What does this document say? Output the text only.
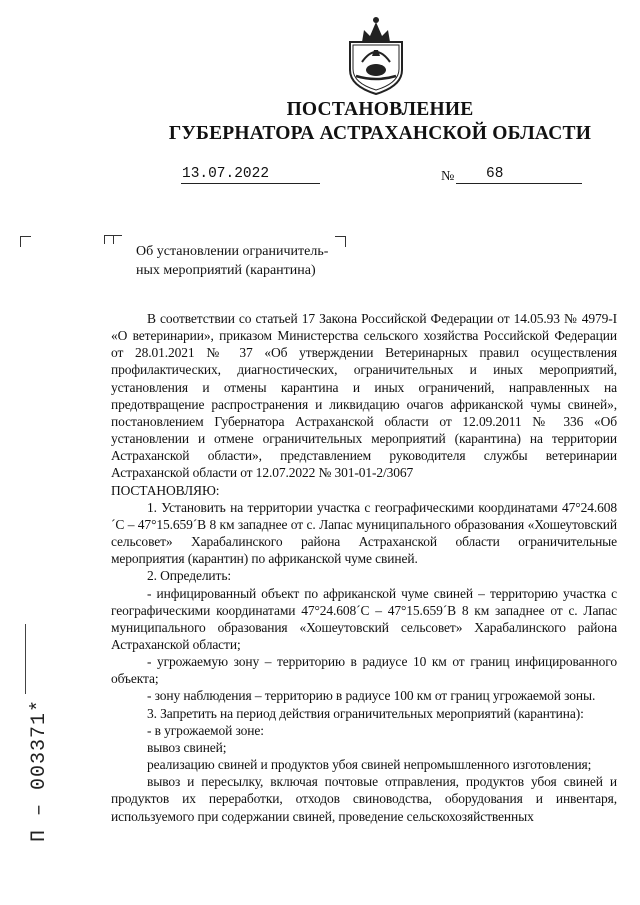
ПОСТАНОВЛЕНИЕ
ГУБЕРНАТОРА АСТРАХАНСКОЙ ОБЛАСТИ
13.07.2022	№	68
Об установлении ограничитель-
ных мероприятий (карантина)
В соответствии со статьей 17 Закона Российской Федерации от 14.05.93 № 4979-I «О ветеринарии», приказом Министерства сельского хозяйства Российской Федерации от 28.01.2021 № 37 «Об утверждении Ветеринарных правил осуществления профилактических, диагностических, ограничительных и иных мероприятий, установления и отмены карантина и иных ограничений, направленных на предотвращение распространения и ликвидацию очагов африканской чумы свиней», постановлением Губернатора Астраханской области от 12.09.2011 № 336 «Об установлении и отмене ограничительных мероприятий (карантина) на территории Астраханской области», представлением руководителя службы ветеринарии Астраханской области от 12.07.2022 № 301-01-2/3067
ПОСТАНОВЛЯЮ:
1. Установить на территории участка с географическими координатами 47°24.608´С – 47°15.659´В 8 км западнее от с. Лапас муниципального образования «Хошеутовский сельсовет» Харабалинского района Астраханской области ограничительные мероприятия (карантин) по африканской чуме свиней.
2. Определить:
- инфицированный объект по африканской чуме свиней – территорию участка с географическими координатами 47°24.608´С – 47°15.659´В 8 км западнее от с. Лапас муниципального образования «Хошеутовский сельсовет» Харабалинского района Астраханской области;
- угрожаемую зону – территорию в радиусе 10 км от границ инфицированного объекта;
- зону наблюдения – территорию в радиусе 100 км от границ угрожаемой зоны.
3. Запретить на период действия ограничительных мероприятий (карантина):
- в угрожаемой зоне:
вывоз свиней;
реализацию свиней и продуктов убоя свиней непромышленного изготовления;
вывоз и пересылку, включая почтовые отправления, продуктов убоя свиней и продуктов их переработки, отходов свиноводства, оборудования и инвентаря, используемого при содержании свиней, проведение сельскохозяйственных
П – 003371*
